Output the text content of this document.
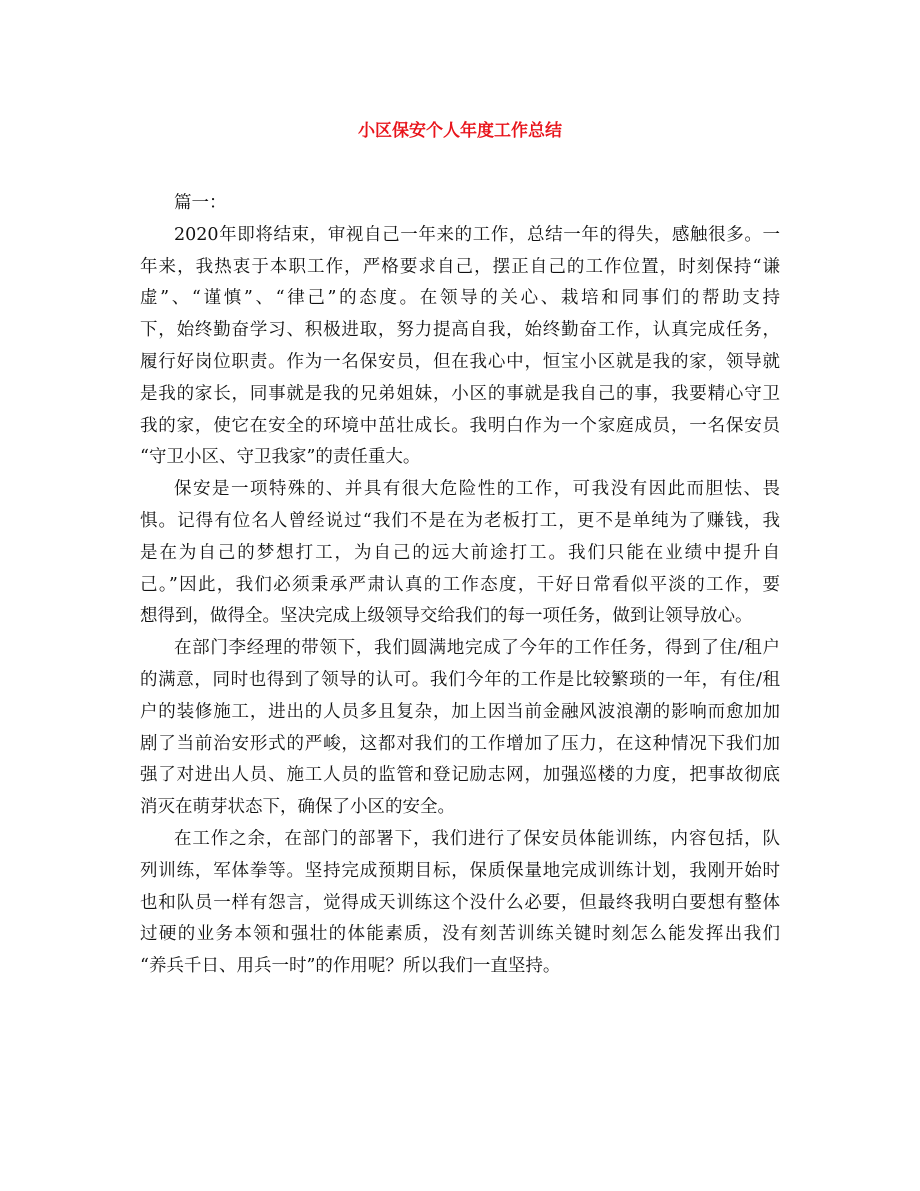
小区保安个人年度工作总结
篇一：
2020年即将结束，审视自己一年来的工作，总结一年的得失，感触很多。一
年来，我热衷于本职工作，严格要求自己，摆正自己的工作位置，时刻保持“谦
虚”、“谨慎”、“律己”的态度。在领导的关心、栽培和同事们的帮助支持
下，始终勤奋学习、积极进取，努力提高自我，始终勤奋工作，认真完成任务，
履行好岗位职责。作为一名保安员，但在我心中，恒宝小区就是我的家，领导就
是我的家长，同事就是我的兄弟姐妹，小区的事就是我自己的事，我要精心守卫
我的家，使它在安全的环境中茁壮成长。我明白作为一个家庭成员，一名保安员
“守卫小区、守卫我家”的责任重大。
保安是一项特殊的、并具有很大危险性的工作，可我没有因此而胆怯、畏
惧。记得有位名人曾经说过“我们不是在为老板打工，更不是单纯为了赚钱，我
是在为自己的梦想打工，为自己的远大前途打工。我们只能在业绩中提升自
己。”因此，我们必须秉承严肃认真的工作态度，干好日常看似平淡的工作，要
想得到，做得全。坚决完成上级领导交给我们的每一项任务，做到让领导放心。
在部门李经理的带领下，我们圆满地完成了今年的工作任务，得到了住/租户
的满意，同时也得到了领导的认可。我们今年的工作是比较繁琐的一年，有住/租
户的装修施工，进出的人员多且复杂，加上因当前金融风波浪潮的影响而愈加加
剧了当前治安形式的严峻，这都对我们的工作增加了压力，在这种情况下我们加
强了对进出人员、施工人员的监管和登记励志网，加强巡楼的力度，把事故彻底
消灭在萌芽状态下，确保了小区的安全。
在工作之余，在部门的部署下，我们进行了保安员体能训练，内容包括，队
列训练，军体拳等。坚持完成预期目标，保质保量地完成训练计划，我刚开始时
也和队员一样有怨言，觉得成天训练这个没什么必要，但最终我明白要想有整体
过硬的业务本领和强壮的体能素质，没有刻苦训练关键时刻怎么能发挥出我们
“养兵千日、用兵一时”的作用呢？所以我们一直坚持。
